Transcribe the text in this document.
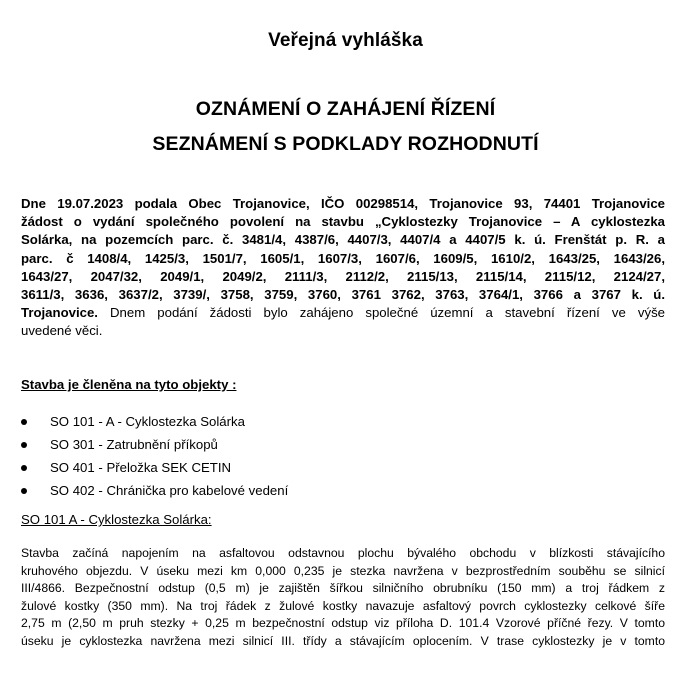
Veřejná vyhláška
OZNÁMENÍ O ZAHÁJENÍ ŘÍZENÍ
SEZNÁMENÍ S PODKLADY ROZHODNUTÍ
Dne 19.07.2023 podala Obec Trojanovice, IČO 00298514, Trojanovice 93, 74401 Trojanovice
žádost o vydání společného povolení na stavbu „Cyklostezky Trojanovice – A cyklostezka
Solárka, na pozemcích parc. č. 3481/4, 4387/6, 4407/3, 4407/4 a 4407/5 k. ú. Frenštát p. R. a
parc. č 1408/4, 1425/3, 1501/7, 1605/1, 1607/3, 1607/6, 1609/5, 1610/2, 1643/25, 1643/26,
1643/27, 2047/32, 2049/1, 2049/2, 2111/3, 2112/2, 2115/13, 2115/14, 2115/12, 2124/27,
3611/3, 3636, 3637/2, 3739/, 3758, 3759, 3760, 3761 3762, 3763, 3764/1, 3766 a 3767 k. ú.
Trojanovice. Dnem podání žádosti bylo zahájeno společné územní a stavební řízení ve výše
uvedené věci.
Stavba je členěna na tyto objekty :
SO 101 - A - Cyklostezka Solárka
SO 301 - Zatrubnění příkopů
SO 401 - Přeložka SEK CETIN
SO 402 - Chránička pro kabelové vedení
SO 101 A - Cyklostezka Solárka:
Stavba začíná napojením na asfaltovou odstavnou plochu bývalého obchodu v blízkosti stávajícího
kruhového objezdu. V úseku mezi km 0,000 0,235 je stezka navržena v bezprostředním souběhu se silnicí
III/4866. Bezpečnostní odstup (0,5 m) je zajištěn šířkou silničního obrubníku (150 mm) a troj řádkem z
žulové kostky (350 mm). Na troj řádek z žulové kostky navazuje asfaltový povrch cyklostezky celkové šíře
2,75 m (2,50 m pruh stezky + 0,25 m bezpečnostní odstup viz příloha D. 101.4 Vzorové příčné řezy. V tomto
úseku je cyklostezka navržena mezi silnicí III. třídy a stávajícím oplocením. V trase cyklostezky je v tomto
